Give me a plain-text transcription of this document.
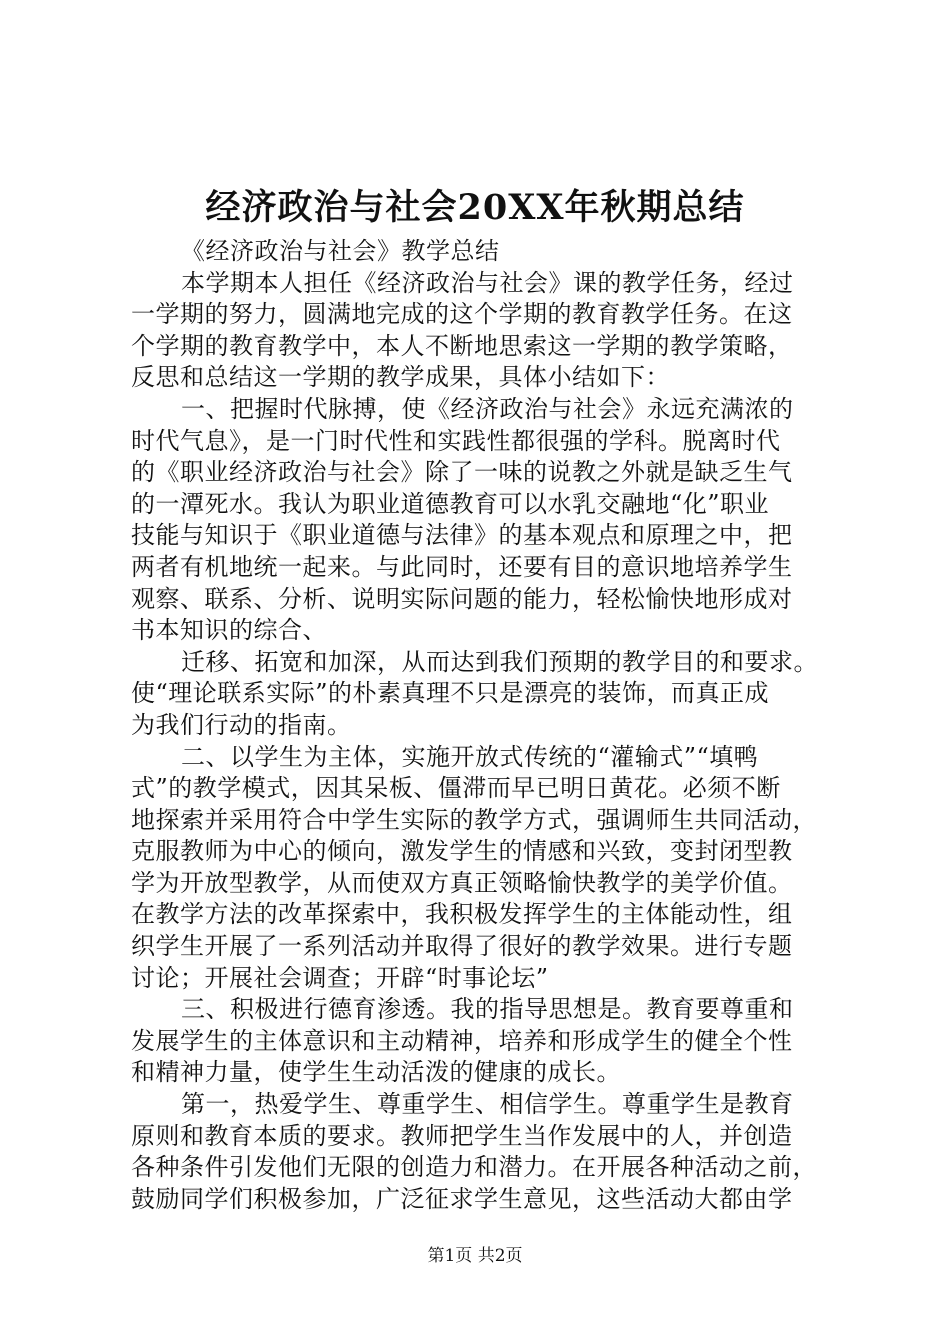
经济政治与社会20XX年秋期总结
《经济政治与社会》教学总结
本学期本人担任《经济政治与社会》课的教学任务，经过
一学期的努力，圆满地完成的这个学期的教育教学任务。在这
个学期的教育教学中，本人不断地思索这一学期的教学策略，
反思和总结这一学期的教学成果，具体小结如下：
一、把握时代脉搏，使《经济政治与社会》永远充满浓的
时代气息》，是一门时代性和实践性都很强的学科。脱离时代
的《职业经济政治与社会》除了一味的说教之外就是缺乏生气
的一潭死水。我认为职业道德教育可以水乳交融地“化”职业
技能与知识于《职业道德与法律》的基本观点和原理之中，把
两者有机地统一起来。与此同时，还要有目的意识地培养学生
观察、联系、分析、说明实际问题的能力，轻松愉快地形成对
书本知识的综合、
迁移、拓宽和加深，从而达到我们预期的教学目的和要求。
使“理论联系实际”的朴素真理不只是漂亮的装饰，而真正成
为我们行动的指南。
二、以学生为主体，实施开放式传统的“灌输式”“填鸭
式”的教学模式，因其呆板、僵滞而早已明日黄花。必须不断
地探索并采用符合中学生实际的教学方式，强调师生共同活动，
克服教师为中心的倾向，激发学生的情感和兴致，变封闭型教
学为开放型教学，从而使双方真正领略愉快教学的美学价值。
在教学方法的改革探索中，我积极发挥学生的主体能动性，组
织学生开展了一系列活动并取得了很好的教学效果。进行专题
讨论；开展社会调查；开辟“时事论坛”
三、积极进行德育渗透。我的指导思想是。教育要尊重和
发展学生的主体意识和主动精神，培养和形成学生的健全个性
和精神力量，使学生生动活泼的健康的成长。
第一，热爱学生、尊重学生、相信学生。尊重学生是教育
原则和教育本质的要求。教师把学生当作发展中的人，并创造
各种条件引发他们无限的创造力和潜力。在开展各种活动之前，
鼓励同学们积极参加，广泛征求学生意见，这些活动大都由学
第1页 共2页
